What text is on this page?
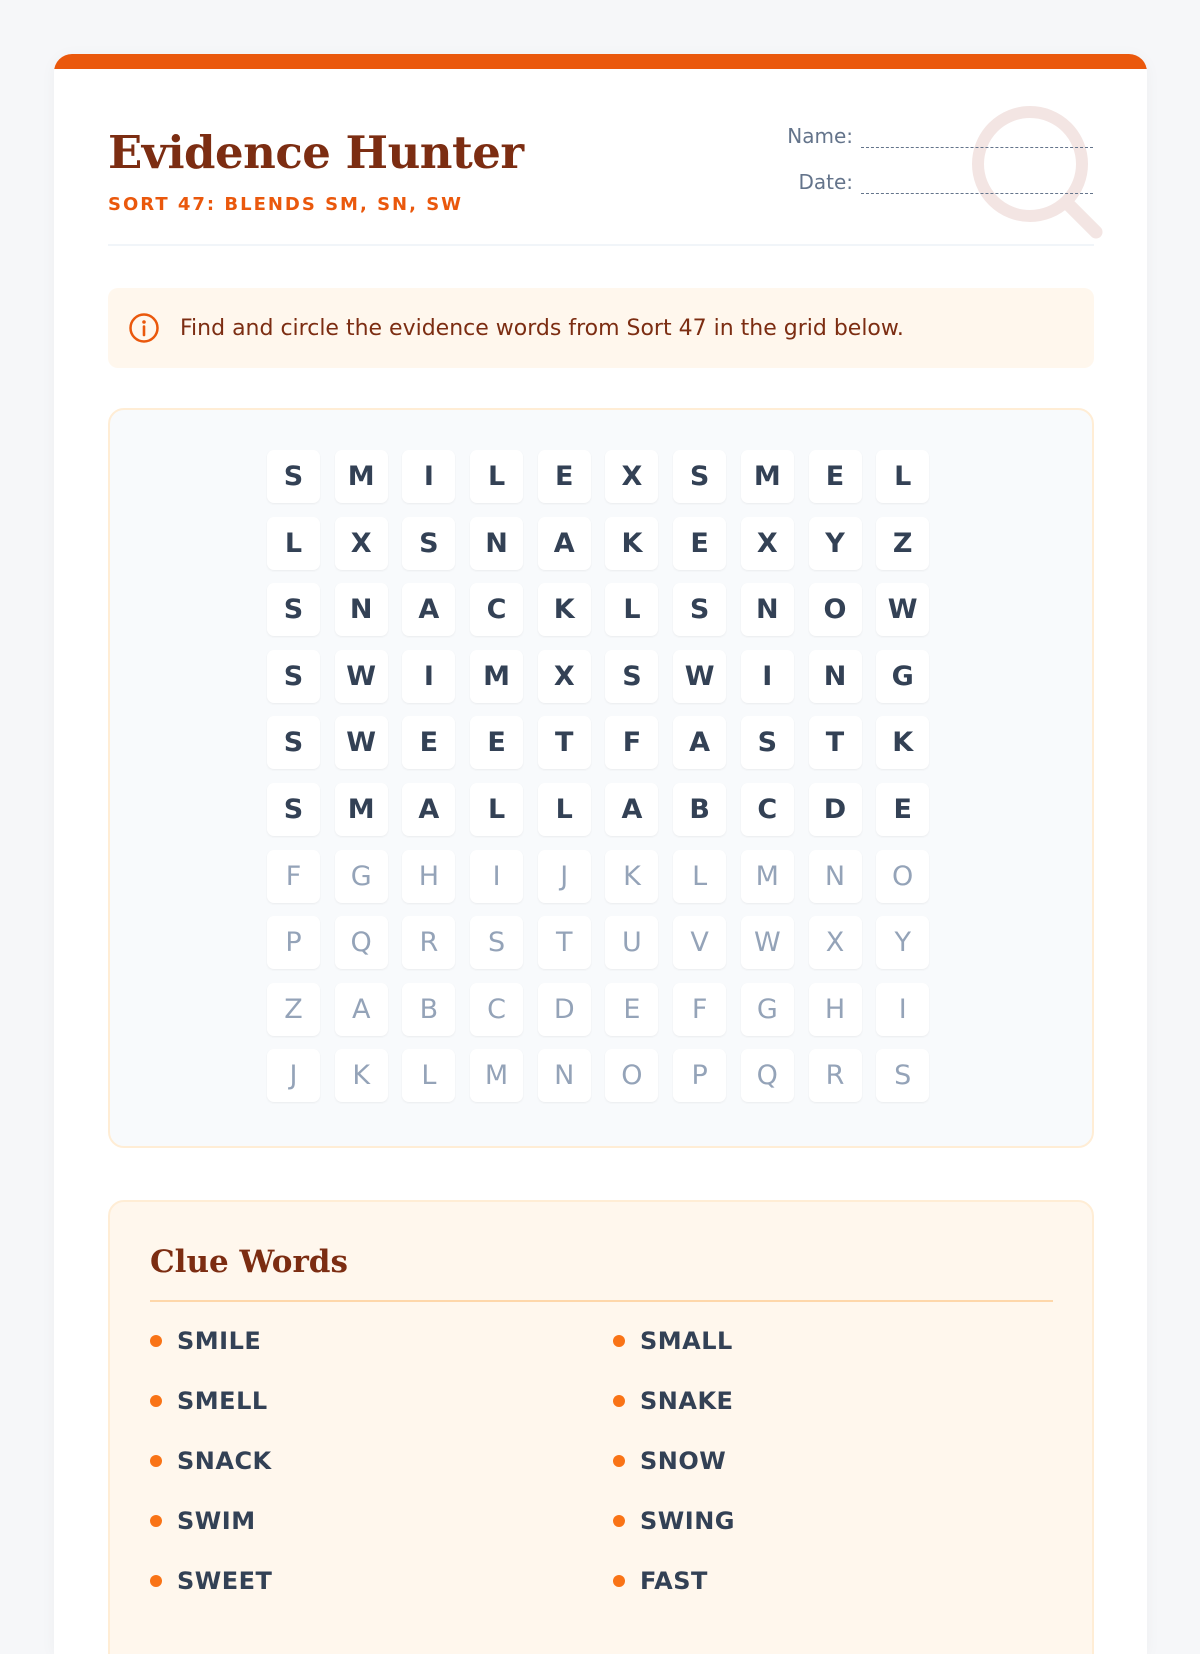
Evidence Hunter
SORT 47: BLENDS SM, SN, SW
Name:
Date:
Find and circle the evidence words from Sort 47 in the grid below.
S	M	I	L	E	X	S	M	E	L
L	X	S	N	A	K	E	X	Y	Z
S	N	A	C	K	L	S	N	O	W
S	W	I	M	X	S	W	I	N	G
S	W	E	E	T	F	A	S	T	K
S	M	A	L	L	A	B	C	D	E
F	G	H	I	J	K	L	M	N	O
P	Q	R	S	T	U	V	W	X	Y
Z	A	B	C	D	E	F	G	H	I
J	K	L	M	N	O	P	Q	R	S
Clue Words
SMILE	SMALL
SMELL	SNAKE
SNACK	SNOW
SWIM	SWING
SWEET	FAST
